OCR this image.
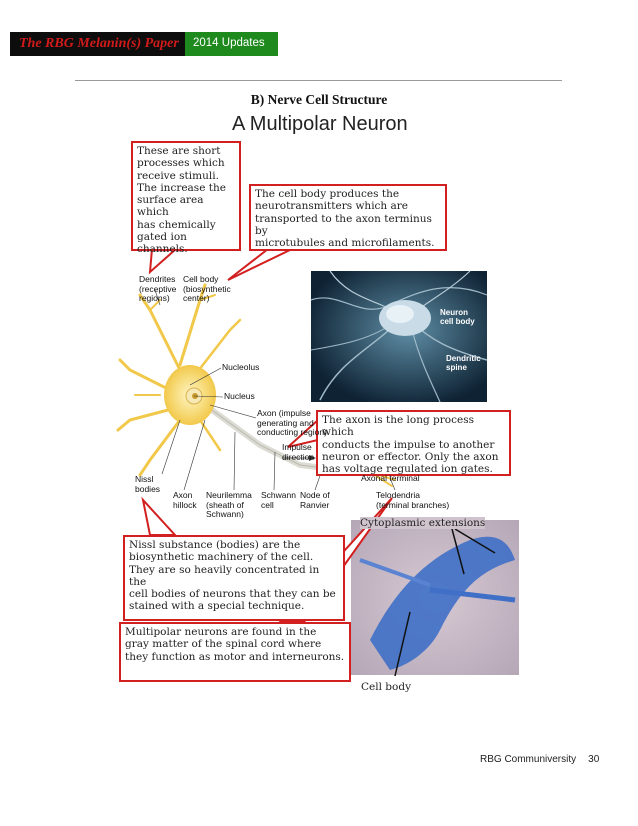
The RBG Melanin(s) Paper 2014 Updates
B) Nerve Cell Structure
A Multipolar Neuron
These are short
processes which
receive stimuli.
The increase the
surface area which
has chemically
gated ion channels.
The cell body produces the
neurotransmitters which are
transported to the axon terminus by
microtubules and microfilaments.
The axon is the long process which
conducts the impulse to another
neuron or effector. Only the axon
has voltage regulated ion gates.
Nissl substance (bodies) are the
biosynthetic machinery of the cell.
They are so heavily concentrated in the
cell bodies of neurons that they can be
stained with a special technique.
Multipolar neurons are found in the
gray matter of the spinal cord where
they function as motor and interneurons.
Dendrites
(receptive
regions)
Cell body
(biosynthetic
center)
Nucleolus
Nucleus
Axon (impulse
generating and
conducting region)
Impulse
direction
Axonal terminal
Nissl
bodies
Axon
hillock
Neurilemma
(sheath of
Schwann)
Schwann
cell
Node of
Ranvier
Telodendria
(terminal branches)
Neuron
cell body
Dendritic
spine
Cytoplasmic extensions
Cell body
RBG Communiversity 30
